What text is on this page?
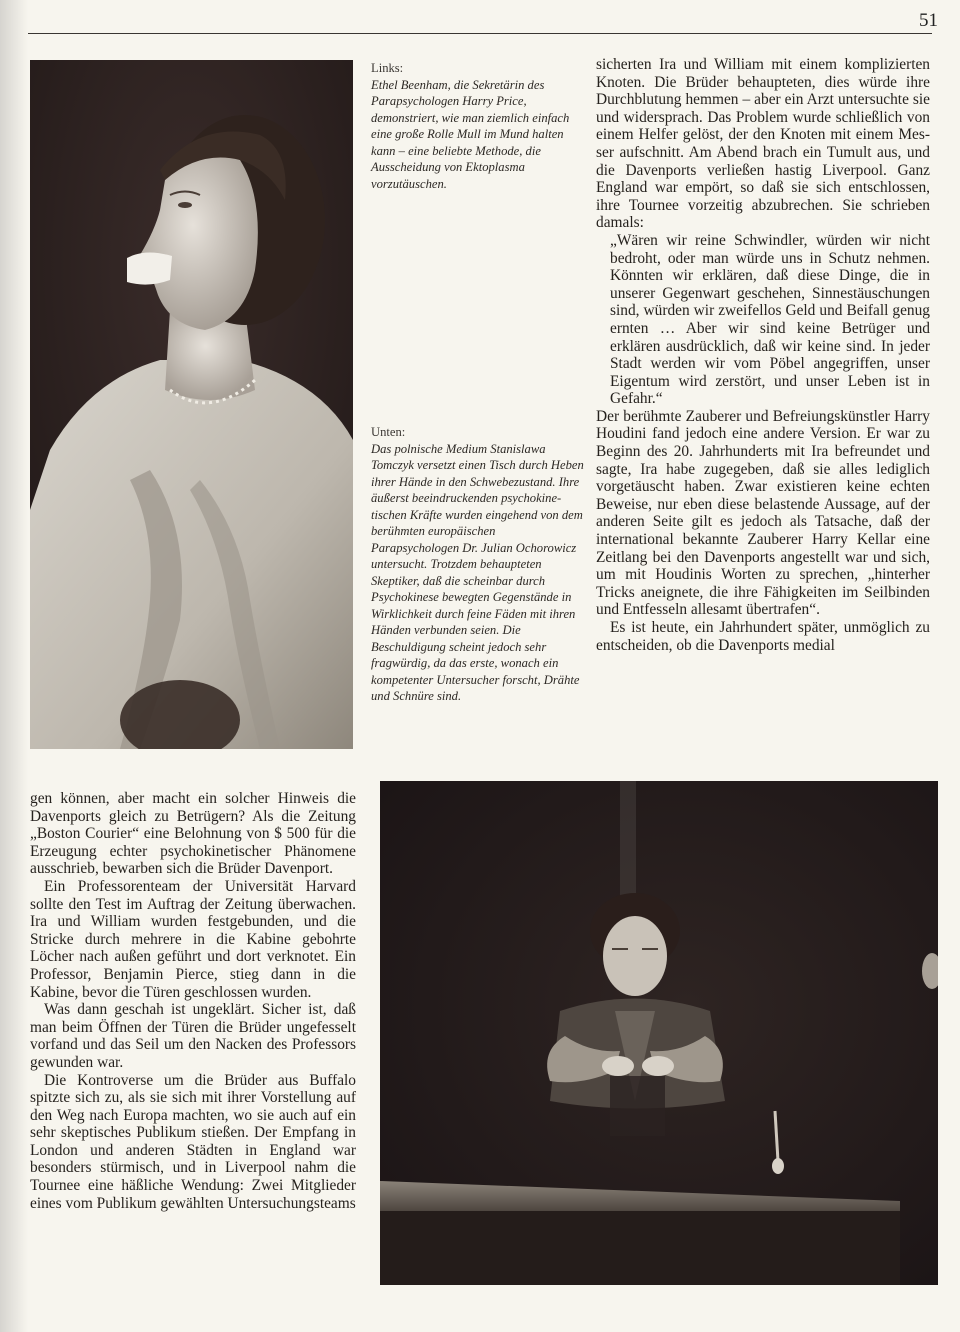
51
Links:
Ethel Beenham, die Sekretärin des Parapsychologen Harry Price, demonstriert, wie man ziemlich einfach eine große Rolle Mull im Mund halten kann – eine beliebte Methode, die Ausscheidung von Ektoplasma vorzutäuschen.
Unten:
Das polnische Medium Stanislawa Tomczyk versetzt einen Tisch durch Heben ihrer Hände in den Schwebezustand. Ihre äußerst beeindruckenden psychokinetischen Kräfte wurden eingehend von dem berühmten europäischen Parapsychologen Dr. Julian Ochorowicz untersucht. Trotzdem behaupteten Skeptiker, daß die scheinbar durch Psychokinese bewegten Gegenstände in Wirklichkeit durch feine Fäden mit ihren Händen verbunden seien. Die Beschuldigung scheint jedoch sehr fragwürdig, da das erste, wonach ein kompetenter Untersucher forscht, Drähte und Schnüre sind.

sicherten Ira und William mit einem komplizierten Knoten. Die Brüder behaupteten, dies würde ihre Durchblutung hemmen – aber ein Arzt untersuchte sie und widersprach. Das Problem wurde schließlich von einem Helfer gelöst, der den Knoten mit einem Messer aufschnitt. Am Abend brach ein Tumult aus, und die Davenports verließen hastig Liverpool. Ganz England war empört, so daß sie sich entschlossen, ihre Tournee vorzeitig abzubrechen. Sie schrieben damals:

„Wären wir reine Schwindler, würden wir nicht bedroht, oder man würde uns in Schutz nehmen. Könnten wir erklären, daß diese Dinge, die in unserer Gegenwart geschehen, Sinnestäuschungen sind, würden wir zweifellos Geld und Beifall genug ernten … Aber wir sind keine Betrüger und erklären ausdrücklich, daß wir keine sind. In jeder Stadt werden wir vom Pöbel angegriffen, unser Eigentum wird zerstört, und unser Leben ist in Gefahr.“

Der berühmte Zauberer und Befreiungskünstler Harry Houdini fand jedoch eine andere Version. Er war zu Beginn des 20. Jahrhunderts mit Ira befreundet und sagte, Ira habe zugegeben, daß sie alles lediglich vorgetäuscht haben. Zwar existieren keine echten Beweise, nur eben diese belastende Aussage, auf der anderen Seite gilt es jedoch als Tatsache, daß der international bekannte Zauberer Harry Kellar eine Zeitlang bei den Davenports angestellt war und sich, um mit Houdinis Worten zu sprechen, „hinterher Tricks aneignete, die ihre Fähigkeiten im Seilbinden und Entfesseln allesamt übertrafen“.

Es ist heute, ein Jahrhundert später, unmöglich zu entscheiden, ob die Davenports medial

gen können, aber macht ein solcher Hinweis die Davenports gleich zu Betrügern? Als die Zeitung „Boston Courier“ eine Belohnung von $ 500 für die Erzeugung echter psychokinetischer Phänomene ausschrieb, bewarben sich die Brüder Davenport.

Ein Professorenteam der Universität Harvard sollte den Test im Auftrag der Zeitung überwachen. Ira und William wurden festgebunden, und die Stricke durch mehrere in die Kabine gebohrte Löcher nach außen geführt und dort verknotet. Ein Professor, Benjamin Pierce, stieg dann in die Kabine, bevor die Türen geschlossen wurden.

Was dann geschah ist ungeklärt. Sicher ist, daß man beim Öffnen der Türen die Brüder ungefesselt vorfand und das Seil um den Nacken des Professors gewunden war.

Die Kontroverse um die Brüder aus Buffalo spitzte sich zu, als sie sich mit ihrer Vorstellung auf den Weg nach Europa machten, wo sie auch auf ein sehr skeptisches Publikum stießen. Der Empfang in London und anderen Städten in England war besonders stürmisch, und in Liverpool nahm die Tournee eine häßliche Wendung: Zwei Mitglieder eines vom Publikum gewählten Untersuchungsteams
